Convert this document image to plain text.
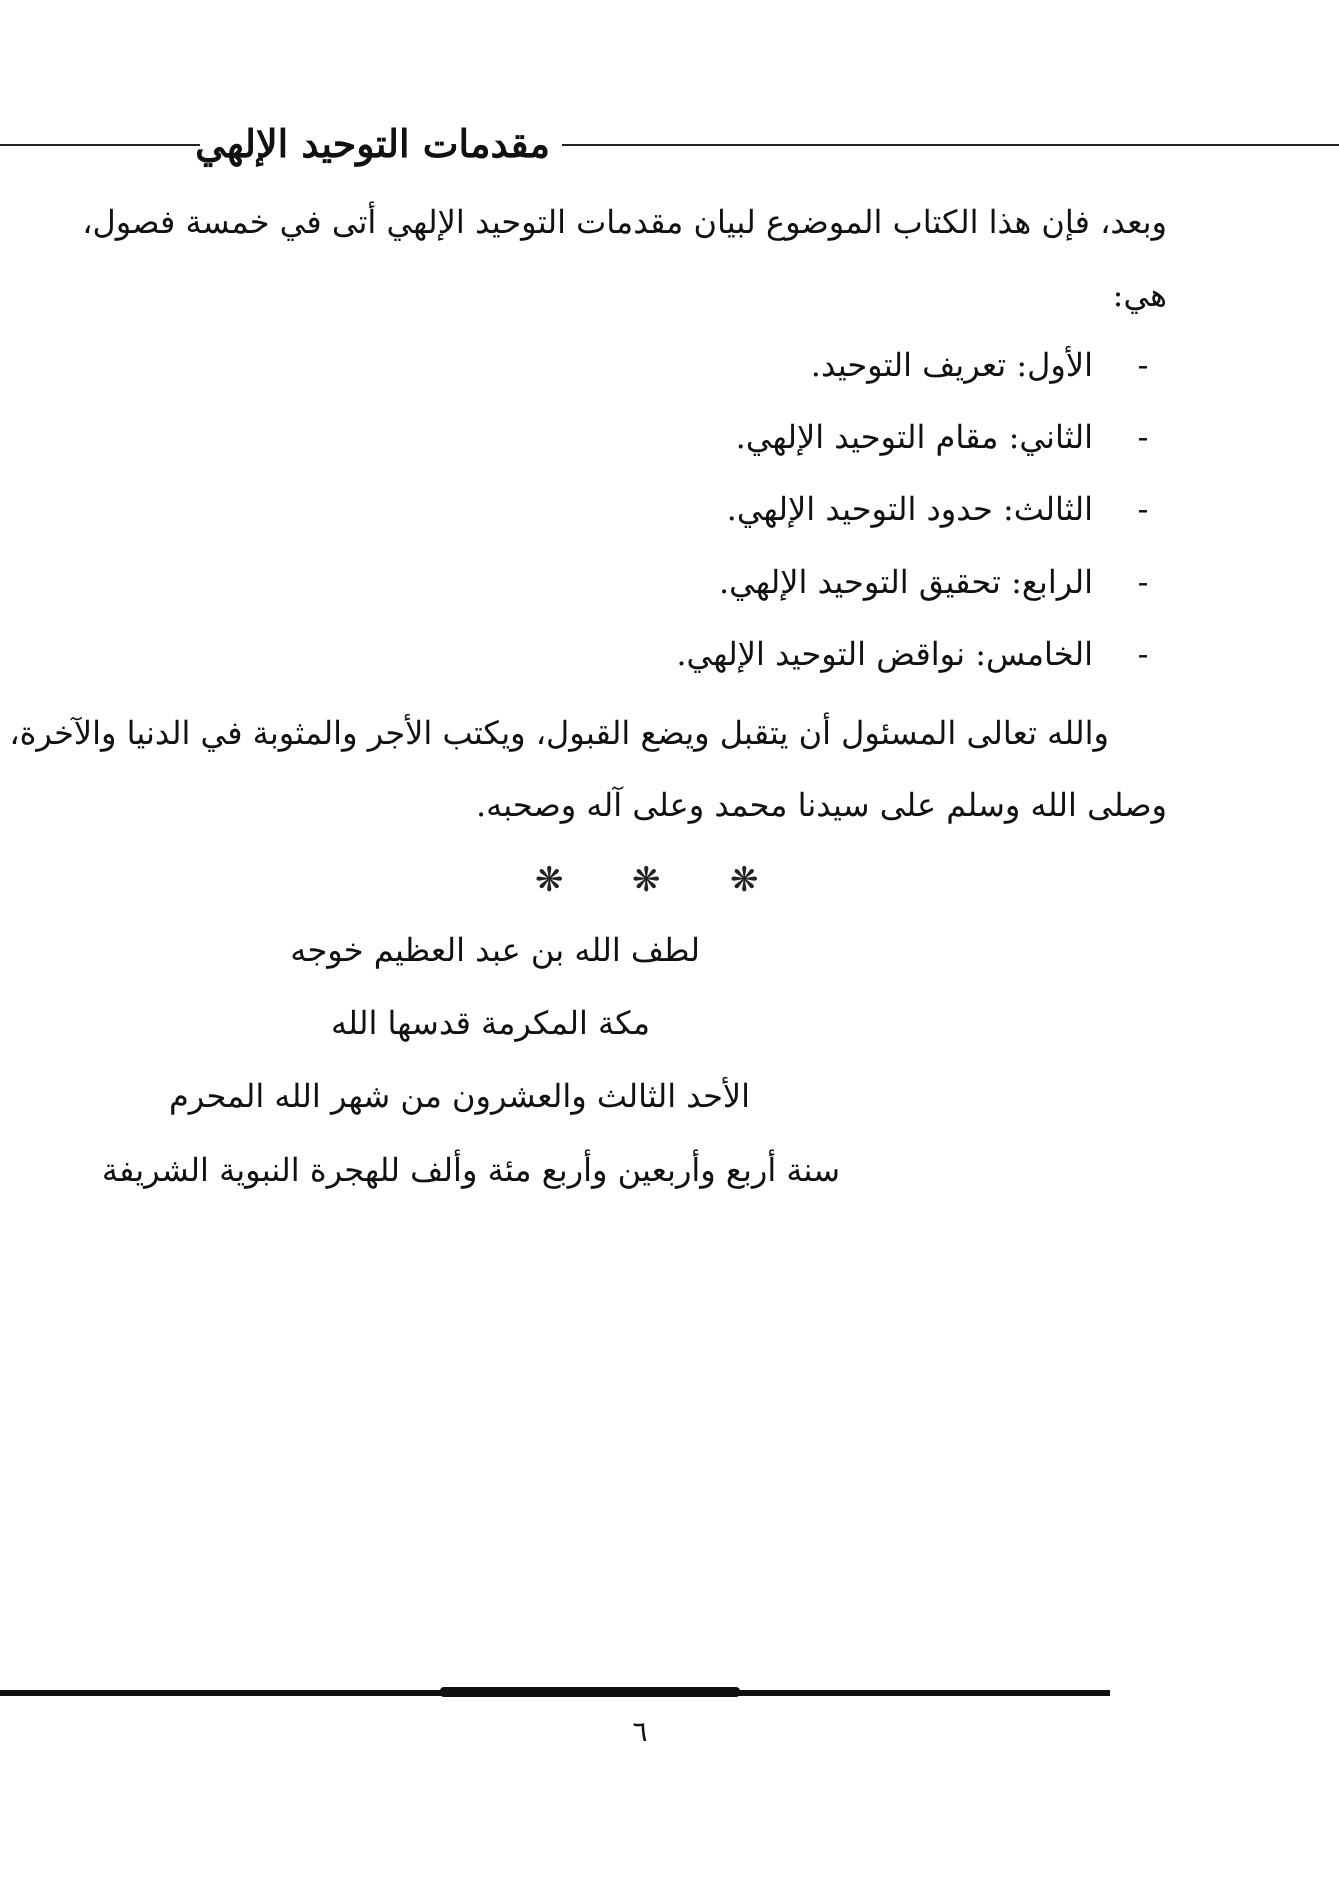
مقدمات التوحيد الإلهي
وبعد، فإن هذا الكتاب الموضوع لبيان مقدمات التوحيد الإلهي أتى في خمسة فصول،
هي:
-الأول: تعريف التوحيد.
-الثاني: مقام التوحيد الإلهي.
-الثالث: حدود التوحيد الإلهي.
-الرابع: تحقيق التوحيد الإلهي.
-الخامس: نواقض التوحيد الإلهي.
والله تعالى المسئول أن يتقبل ويضع القبول، ويكتب الأجر والمثوبة في الدنيا والآخرة،
وصلى الله وسلم على سيدنا محمد وعلى آله وصحبه.
❋ ❋ ❋
لطف الله بن عبد العظيم خوجه
مكة المكرمة قدسها الله
الأحد الثالث والعشرون من شهر الله المحرم
سنة أربع وأربعين وأربع مئة وألف للهجرة النبوية الشريفة
٦
